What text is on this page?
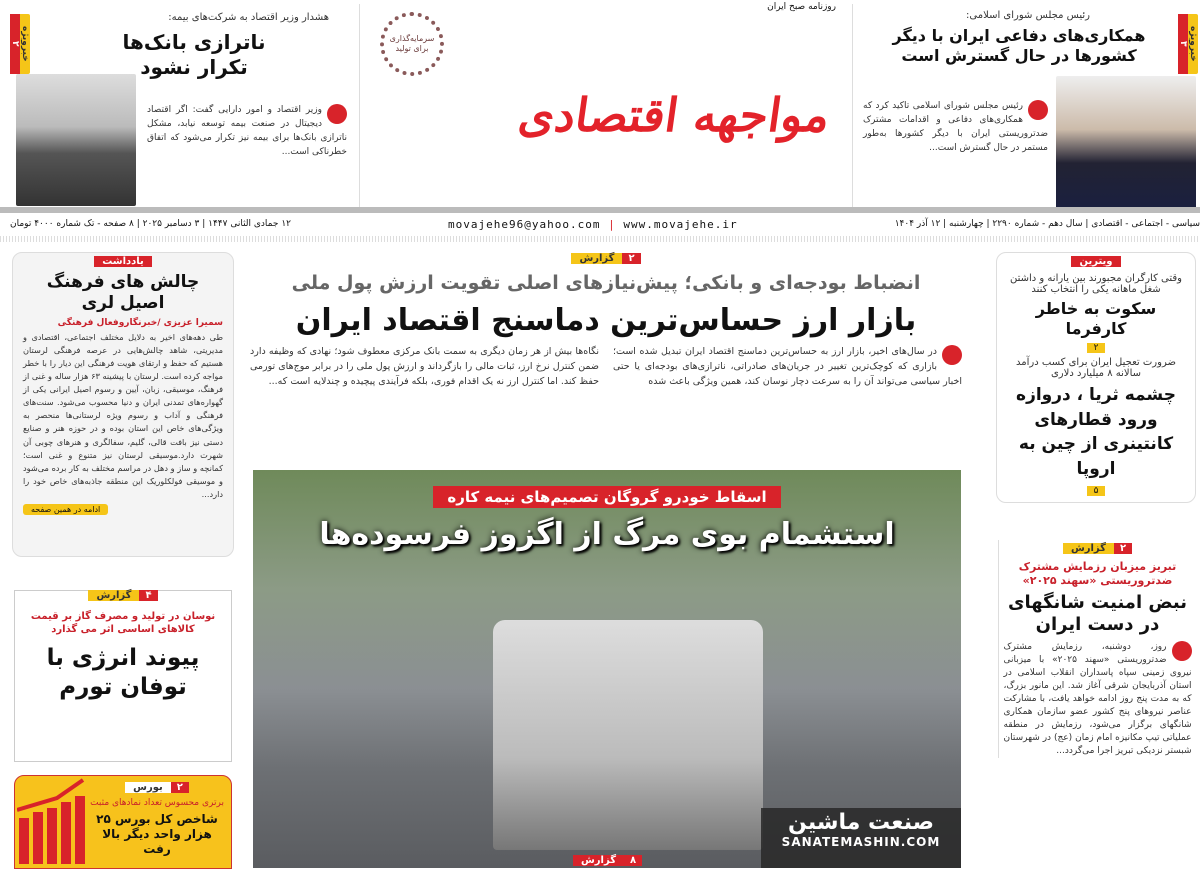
خبرویژه
۲
هشدار وزیر اقتصاد به شرکت‌های بیمه:
ناترازی بانک‌ها تکرار نشود
وزیر اقتصاد و امور دارایی گفت: اگر اقتصاد دیجیتال در صنعت بیمه توسعه نیابد، مشکل ناترازی بانک‌ها برای بیمه نیز تکرار می‌شود که اتفاق خطرناکی است...
سرمایه‌گذاری برای تولید
روزنامه صبح ایران
مواجهه اقتصادی
خبرویژه
۳
رئیس مجلس شورای اسلامی:
همکاری‌های دفاعی ایران با دیگر کشورها در حال گسترش است
رئیس مجلس شورای اسلامی تاکید کرد که همکاری‌های دفاعی و اقدامات مشترک ضدتروریستی ایران با دیگر کشورها به‌طور مستمر در حال گسترش است...
سیاسی - اجتماعی - اقتصادی | سال دهم - شماره ۲۲۹۰ | چهارشنبه | ۱۲ آذر ۱۴۰۴
movajehe96@yahoo.com | www.movajehe.ir
۱۲ جمادی الثانی ۱۴۴۷ | ۳ دسامبر ۲۰۲۵ | ۸ صفحه - تک شماره ۴۰۰۰ تومان
یادداشت
چالش های فرهنگ اصیل لری
سمیرا عزیزی /خبرنگاروفعال فرهنگی
طی دهه‌های اخیر به دلایل مختلف اجتماعی، اقتصادی و مدیریتی، شاهد چالش‌هایی در عرصه فرهنگی لرستان هستیم که حفظ و ارتقای هویت فرهنگی این دیار را با خطر مواجه کرده است. لرستان با پیشینه ۶۳ هزار ساله و غنی از فرهنگ، موسیقی، زبان، آیین و رسوم اصیل ایرانی یکی از گهواره‌های تمدنی ایران و دنیا محسوب می‌شود. سنت‌های فرهنگی و آداب و رسوم ویژه لرستانی‌ها منحصر به ویژگی‌های خاص این استان بوده و در حوزه هنر و صنایع دستی نیز بافت قالی، گلیم، سفالگری و هنرهای چوبی آن شهرت دارد.موسیقی لرستان نیز متنوع و غنی است؛ کمانچه و ساز و دهل در مراسم مختلف به کار برده می‌شود و موسیقی فولکلوریک این منطقه جاذبه‌های خاص خود را دارد...
ادامه در همین صفحه
۴
گزارش
نوسان در تولید و مصرف گاز بر قیمت کالاهای اساسی اثر می گذارد
پیوند انرژی با توفان تورم
۲
بورس
برتری محسوس تعداد نمادهای مثبت
شاخص کل بورس ۲۵ هزار واحد دیگر بالا رفت
۲
گزارش
انضباط بودجه‌ای و بانکی؛ پیش‌نیازهای اصلی تقویت ارزش پول ملی
بازار ارز حساس‌ترین دماسنج اقتصاد ایران
در سال‌های اخیر، بازار ارز به حساس‌ترین دماسنج اقتصاد ایران تبدیل شده است؛ بازاری که کوچک‌ترین تغییر در جریان‌های صادراتی، ناترازی‌های بودجه‌ای یا حتی اخبار سیاسی می‌تواند آن را به سرعت دچار نوسان کند، همین ویژگی باعث شده
نگاه‌ها بیش از هر زمان دیگری به سمت بانک مرکزی معطوف شود؛ نهادی که وظیفه دارد ضمن کنترل نرخ ارز، ثبات مالی را بازگرداند و ارزش پول ملی را در برابر موج‌های تورمی حفظ کند. اما کنترل ارز نه یک اقدام فوری، بلکه فرآیندی پیچیده و چندلایه است که...
اسقاط خودرو گروگان تصمیم‌های نیمه کاره
استشمام بوی مرگ از اگزوز فرسوده‌ها
۸
گزارش
صنعت ماشین
SANATEMASHIN.COM
ویترین
وقتی کارگران مجبورند بین یارانه و داشتن شغل ماهانه یکی را انتخاب کنند
سکوت به خاطر کارفرما
۲
ضرورت تعجیل ایران برای کسب درآمد سالانه ۸ میلیارد دلاری
چشمه ثریا ، دروازه ورود قطارهای کانتینری از چین به اروپا
۵
۲
گزارش
تبریز میزبان رزمایش مشترک ضدتروریستی «سهند ۲۰۲۵»
نبض امنیت شانگهای در دست ایران
روز، دوشنبه، رزمایش مشترک ضدتروریستی «سهند ۲۰۲۵» با میزبانی نیروی زمینی سپاه پاسداران انقلاب اسلامی در استان آذربایجان شرقی آغاز شد. این مانور بزرگ، که به مدت پنج روز ادامه خواهد یافت، با مشارکت عناصر نیروهای پنج کشور عضو سازمان همکاری شانگهای برگزار می‌شود، رزمایش در منطقه عملیاتی تیپ مکانیزه امام زمان (عج) در شهرستان شبستر نزدیکی تبریز اجرا می‌گردد...
